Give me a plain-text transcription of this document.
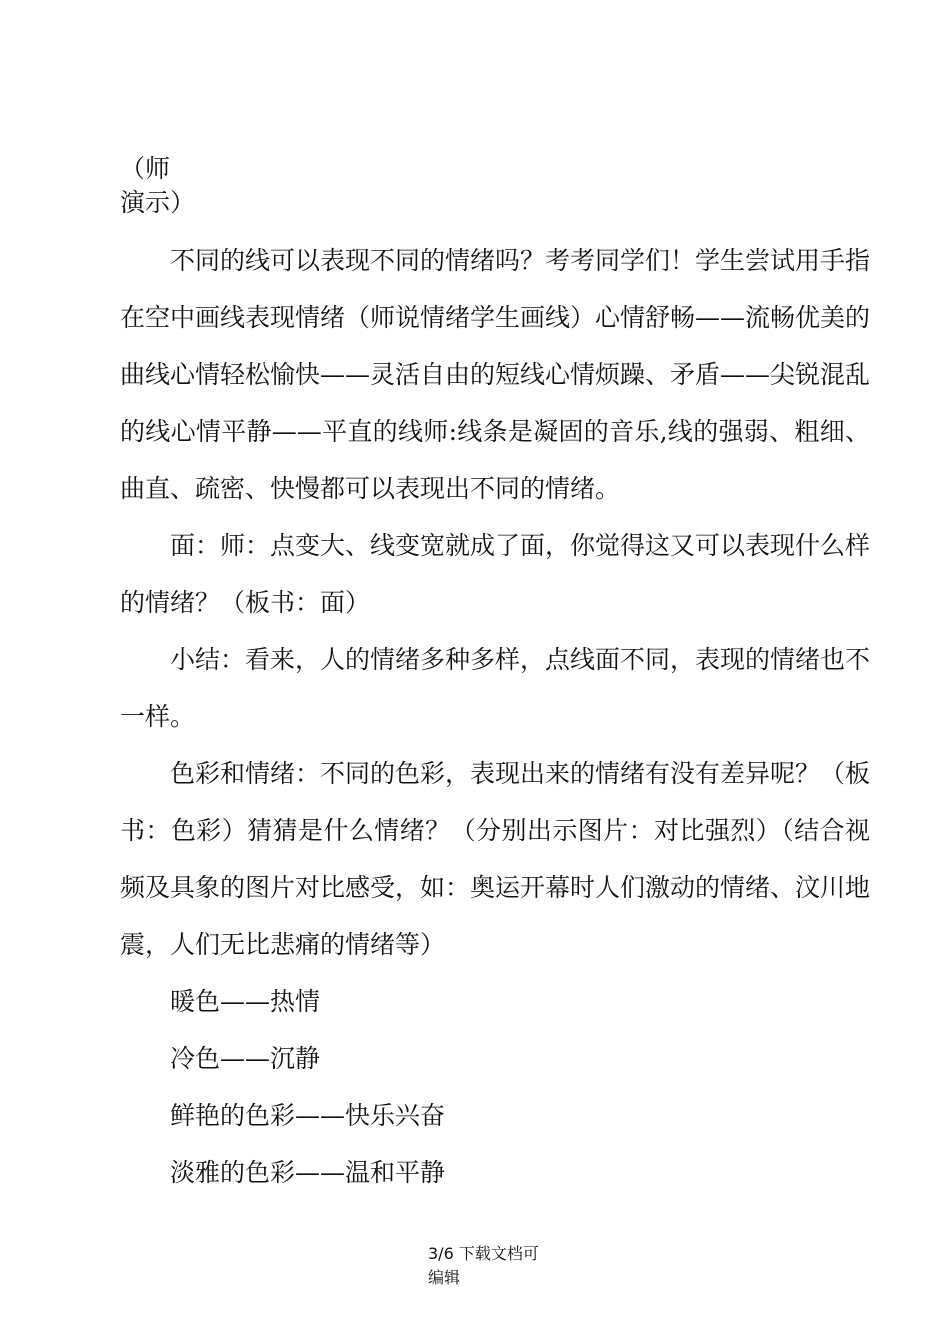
（师
演示）

不同的线可以表现不同的情绪吗？考考同学们！学生尝试用手指在空中画线表现情绪（师说情绪学生画线）心情舒畅——流畅优美的曲线心情轻松愉快——灵活自由的短线心情烦躁、矛盾——尖锐混乱的线心情平静——平直的线师:线条是凝固的音乐,线的强弱、粗细、曲直、疏密、快慢都可以表现出不同的情绪。

面：师：点变大、线变宽就成了面，你觉得这又可以表现什么样的情绪？（板书：面）

小结：看来，人的情绪多种多样，点线面不同，表现的情绪也不一样。

色彩和情绪：不同的色彩，表现出来的情绪有没有差异呢？（板书：色彩）猜猜是什么情绪？（分别出示图片：对比强烈）（结合视频及具象的图片对比感受，如：奥运开幕时人们激动的情绪、汶川地震，人们无比悲痛的情绪等）

暖色——热情

冷色——沉静

鲜艳的色彩——快乐兴奋

淡雅的色彩——温和平静

3/6 下载文档可
编辑
